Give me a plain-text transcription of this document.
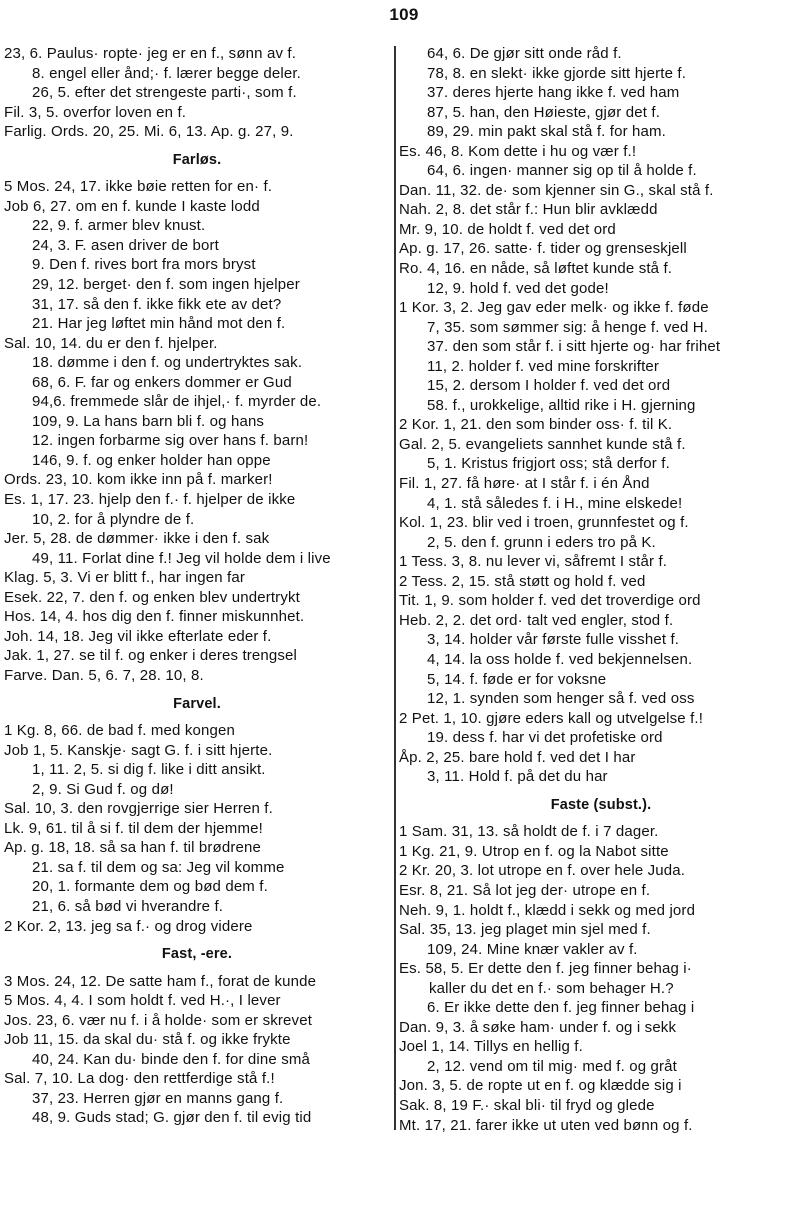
109
23, 6. Paulus· ropte· jeg er en f., sønn av f.
8. engel eller ånd;· f. lærer begge deler.
26, 5. efter det strengeste parti·, som f.
Fil. 3, 5. overfor loven en f.
Farlig. Ords. 20, 25. Mi. 6, 13. Ap. g. 27, 9.
Farløs.
5 Mos. 24, 17. ikke bøie retten for en· f.
Job 6, 27. om en f. kunde I kaste lodd
22, 9. f. armer blev knust.
24, 3. F. asen driver de bort
9. Den f. rives bort fra mors bryst
29, 12. berget· den f. som ingen hjelper
31, 17. så den f. ikke fikk ete av det?
21. Har jeg løftet min hånd mot den f.
Sal. 10, 14. du er den f. hjelper.
18. dømme i den f. og undertryktes sak.
68, 6. F. far og enkers dommer er Gud
94,6. fremmede slår de ihjel,· f. myrder de.
109, 9. La hans barn bli f. og hans
12. ingen forbarme sig over hans f. barn!
146, 9. f. og enker holder han oppe
Ords. 23, 10. kom ikke inn på f. marker!
Es. 1, 17. 23. hjelp den f.· f. hjelper de ikke
10, 2. for å plyndre de f.
Jer. 5, 28. de dømmer· ikke i den f. sak
49, 11. Forlat dine f.! Jeg vil holde dem i live
Klag. 5, 3. Vi er blitt f., har ingen far
Esek. 22, 7. den f. og enken blev undertrykt
Hos. 14, 4. hos dig den f. finner miskunnhet.
Joh. 14, 18. Jeg vil ikke efterlate eder f.
Jak. 1, 27. se til f. og enker i deres trengsel
Farve. Dan. 5, 6. 7, 28. 10, 8.
Farvel.
1 Kg. 8, 66. de bad f. med kongen
Job 1, 5. Kanskje· sagt G. f. i sitt hjerte.
1, 11. 2, 5. si dig f. like i ditt ansikt.
2, 9. Si Gud f. og dø!
Sal. 10, 3. den rovgjerrige sier Herren f.
Lk. 9, 61. til å si f. til dem der hjemme!
Ap. g. 18, 18. så sa han f. til brødrene
21. sa f. til dem og sa: Jeg vil komme
20, 1. formante dem og bød dem f.
21, 6. så bød vi hverandre f.
2 Kor. 2, 13. jeg sa f.· og drog videre
Fast, -ere.
3 Mos. 24, 12. De satte ham f., forat de kunde
5 Mos. 4, 4. I som holdt f. ved H.·, I lever
Jos. 23, 6. vær nu f. i å holde· som er skrevet
Job 11, 15. da skal du· stå f. og ikke frykte
40, 24. Kan du· binde den f. for dine små
Sal. 7, 10. La dog· den rettferdige stå f.!
37, 23. Herren gjør en manns gang f.
48, 9. Guds stad; G. gjør den f. til evig tid
64, 6. De gjør sitt onde råd f.
78, 8. en slekt· ikke gjorde sitt hjerte f.
37. deres hjerte hang ikke f. ved ham
87, 5. han, den Høieste, gjør det f.
89, 29. min pakt skal stå f. for ham.
Es. 46, 8. Kom dette i hu og vær f.!
64, 6. ingen· manner sig op til å holde f.
Dan. 11, 32. de· som kjenner sin G., skal stå f.
Nah. 2, 8. det står f.: Hun blir avklædd
Mr. 9, 10. de holdt f. ved det ord
Ap. g. 17, 26. satte· f. tider og grenseskjell
Ro. 4, 16. en nåde, så løftet kunde stå f.
12, 9. hold f. ved det gode!
1 Kor. 3, 2. Jeg gav eder melk· og ikke f. føde
7, 35. som sømmer sig: å henge f. ved H.
37. den som står f. i sitt hjerte og· har frihet
11, 2. holder f. ved mine forskrifter
15, 2. dersom I holder f. ved det ord
58. f., urokkelige, alltid rike i H. gjerning
2 Kor. 1, 21. den som binder oss· f. til K.
Gal. 2, 5. evangeliets sannhet kunde stå f.
5, 1. Kristus frigjort oss; stå derfor f.
Fil. 1, 27. få høre· at I står f. i én Ånd
4, 1. stå således f. i H., mine elskede!
Kol. 1, 23. blir ved i troen, grunnfestet og f.
2, 5. den f. grunn i eders tro på K.
1 Tess. 3, 8. nu lever vi, såfremt I står f.
2 Tess. 2, 15. stå støtt og hold f. ved
Tit. 1, 9. som holder f. ved det troverdige ord
Heb. 2, 2. det ord· talt ved engler, stod f.
3, 14. holder vår første fulle visshet f.
4, 14. la oss holde f. ved bekjennelsen.
5, 14. f. føde er for voksne
12, 1. synden som henger så f. ved oss
2 Pet. 1, 10. gjøre eders kall og utvelgelse f.!
19. dess f. har vi det profetiske ord
Åp. 2, 25. bare hold f. ved det I har
3, 11. Hold f. på det du har
Faste (subst.).
1 Sam. 31, 13. så holdt de f. i 7 dager.
1 Kg. 21, 9. Utrop en f. og la Nabot sitte
2 Kr. 20, 3. lot utrope en f. over hele Juda.
Esr. 8, 21. Så lot jeg der· utrope en f.
Neh. 9, 1. holdt f., klædd i sekk og med jord
Sal. 35, 13. jeg plaget min sjel med f.
109, 24. Mine knær vakler av f.
Es. 58, 5. Er dette den f. jeg finner behag i·
kaller du det en f.· som behager H.?
6. Er ikke dette den f. jeg finner behag i
Dan. 9, 3. å søke ham· under f. og i sekk
Joel 1, 14. Tillys en hellig f.
2, 12. vend om til mig· med f. og gråt
Jon. 3, 5. de ropte ut en f. og klædde sig i
Sak. 8, 19 F.· skal bli· til fryd og glede
Mt. 17, 21. farer ikke ut uten ved bønn og f.
